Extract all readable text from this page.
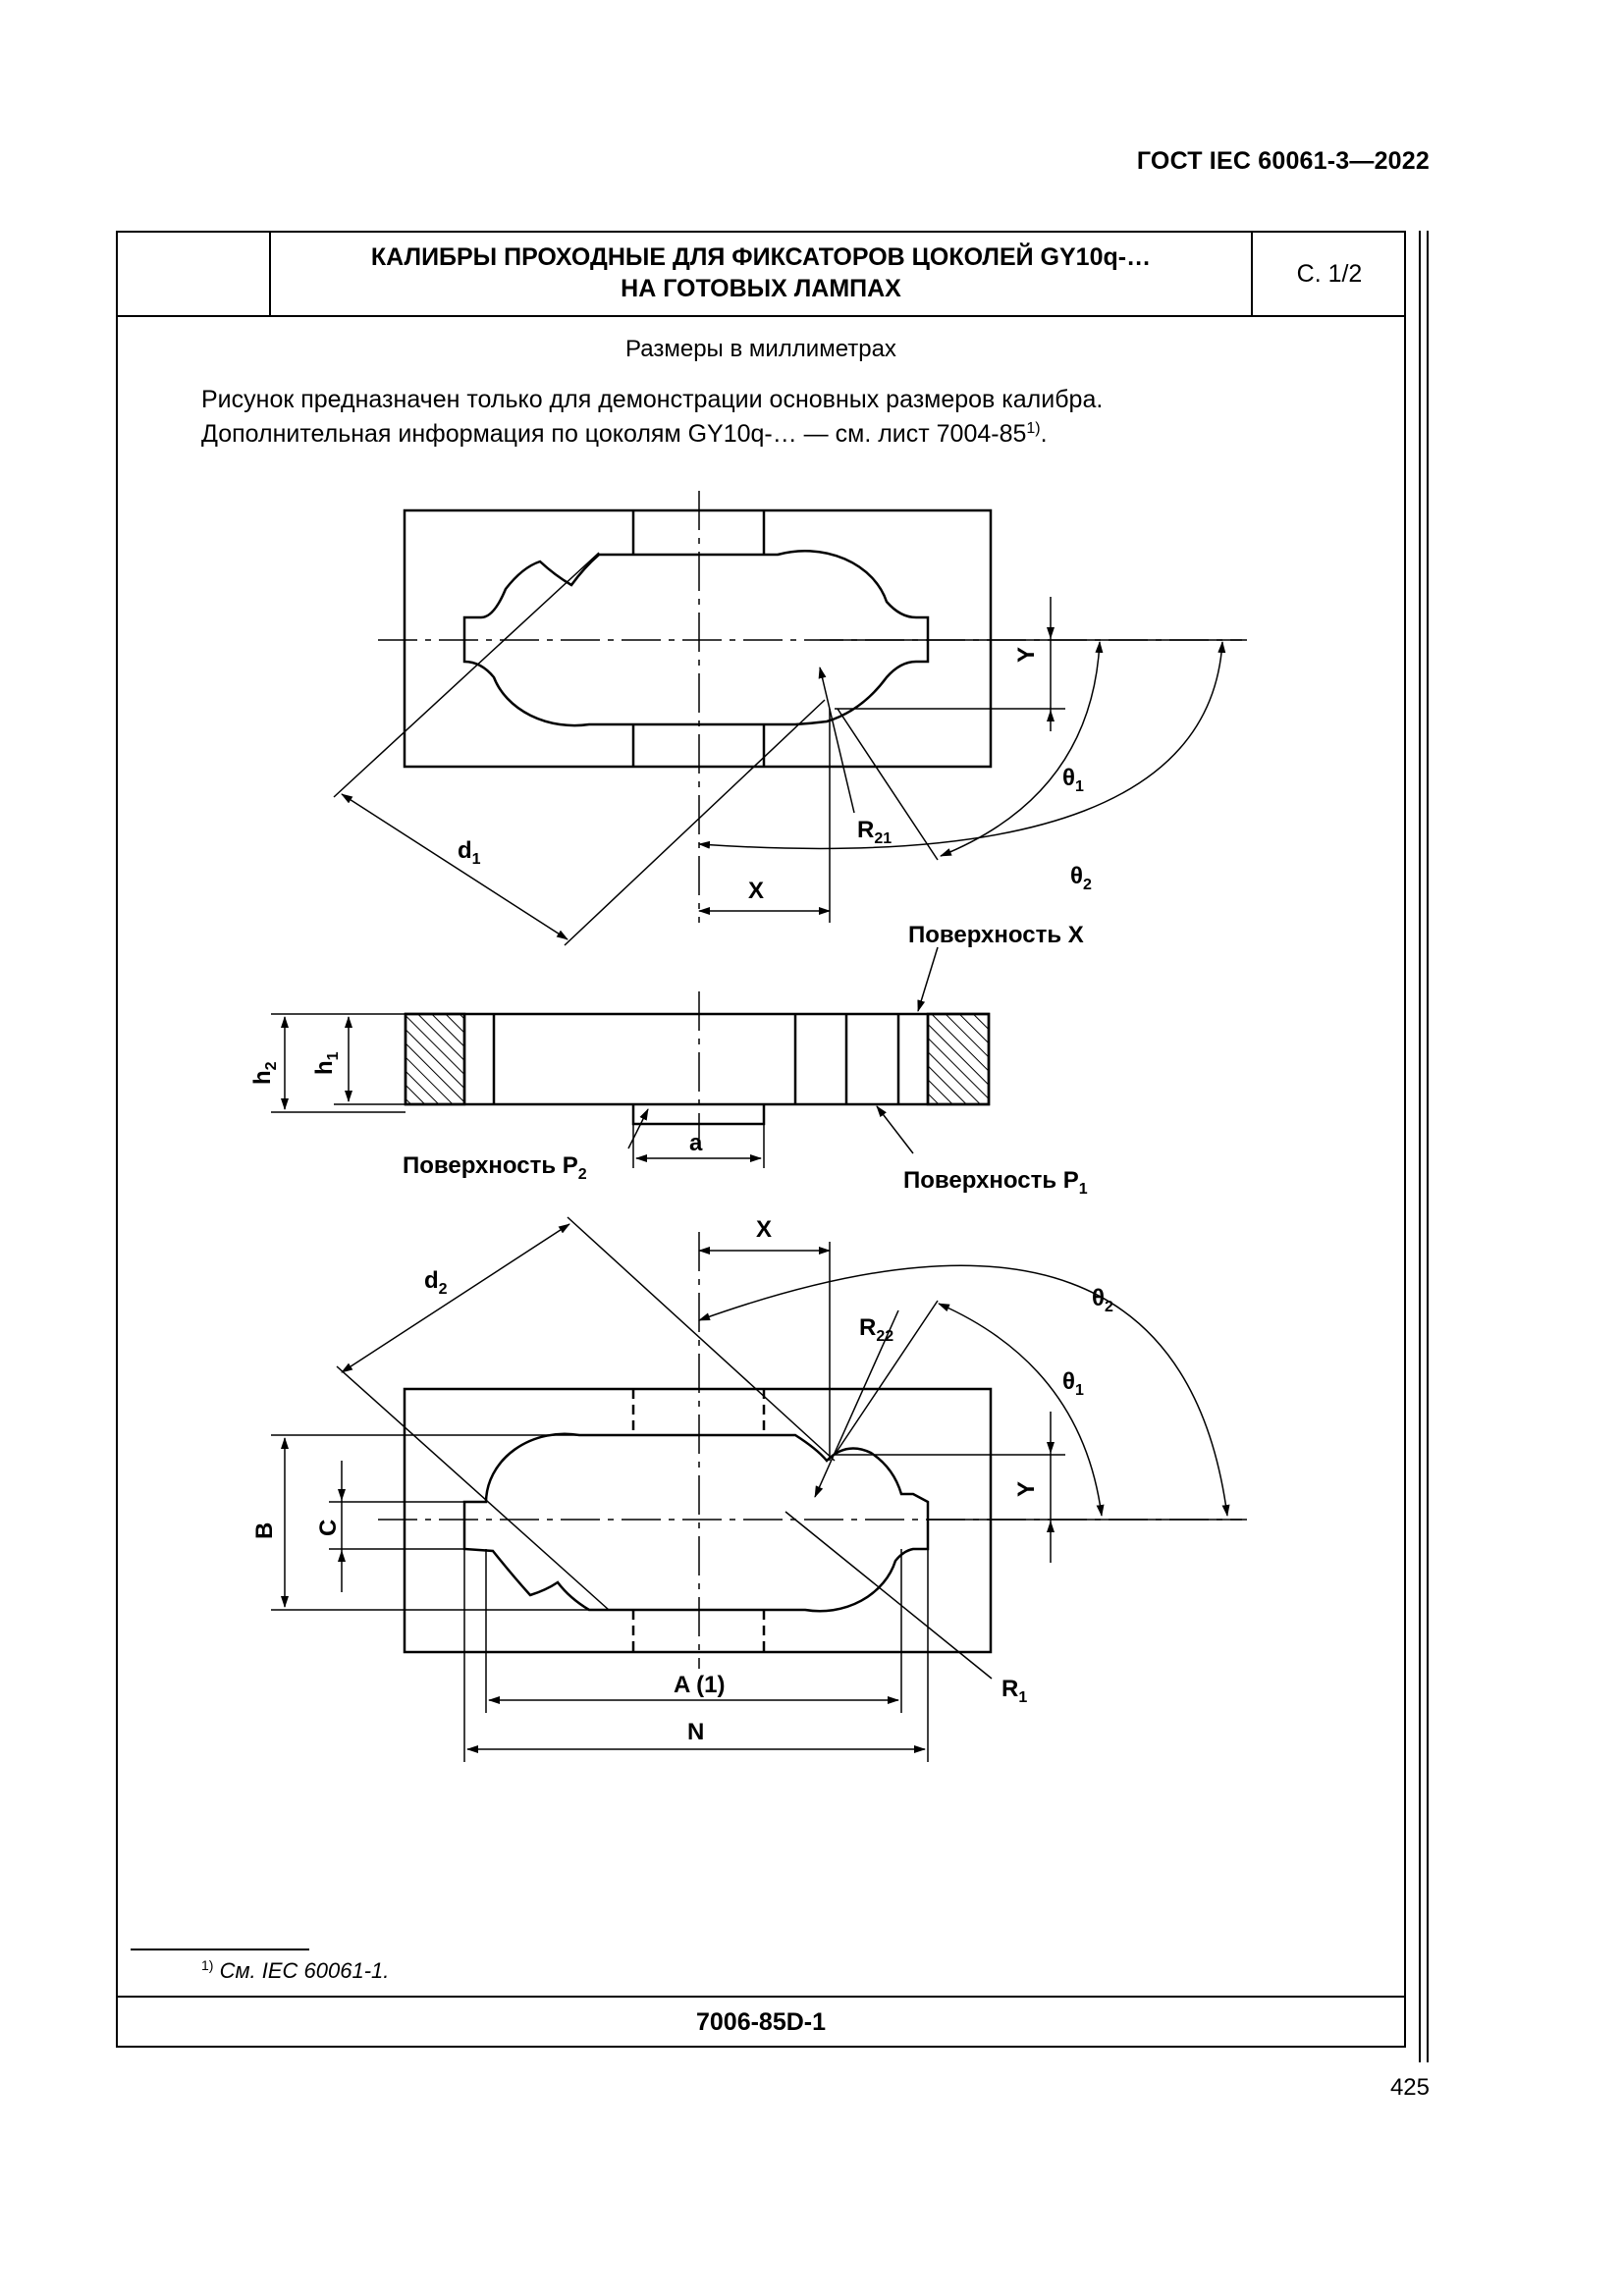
ГОСТ IEC 60061-3—2022
КАЛИБРЫ ПРОХОДНЫЕ ДЛЯ ФИКСАТОРОВ ЦОКОЛЕЙ GY10q-…
НА ГОТОВЫХ ЛАМПАХ
С. 1/2
Размеры в миллиметрах
Рисунок предназначен только для демонстрации основных размеров калибра.
Дополнительная информация по цоколям GY10q-… — см. лист 7004-85$^{1)}$.
Y
$\theta_1$
$\theta_2$
$R_{21}$
$d_1$
X
Поверхность X
Поверхность $P_2$	Поверхность $P_1$
a
$h_2$ $h_1$
X
$d_2$	$\theta_2$
$R_{22}$
$\theta_1$
Y
B C
$R_1$
A (1)
N
$^{1)}$ См. IEC 60061-1.
7006-85D-1
425
